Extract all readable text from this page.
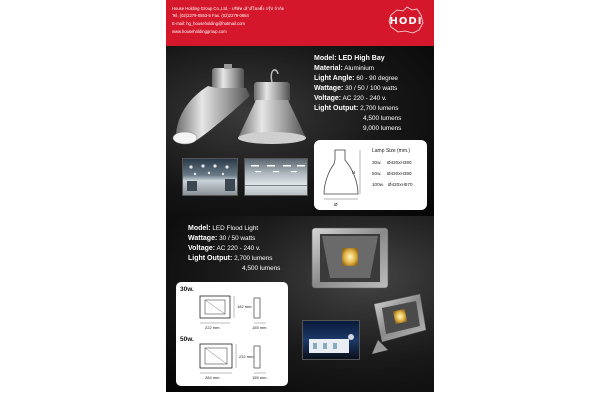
House Holding Group Co.,Ltd. - บริษัท เฮ้าส์โฮลดิ้ง กรุ๊ป จำกัด
Tel. (02)2279-0553-5 Fax. (02)2279-0654
E-mail: hg_householding@hotmail.com
www.householdinggroup.com
HODI
Model: LED High Bay
Material: Aluminium
Light Angle: 60 - 90 degree
Wattage: 30 / 50 / 100 watts
Voltage: AC 220 - 240 v.
Light Output: 2,700 lumens
4,500 lumens
9,000 lumens
H
Ø
Lamp Size (mm.)
30w. Ø420xH390
50w. Ø420xH390
100w. Ø420xH570
Model: LED Flood Light
Wattage: 30 / 50 watts
Voltage: AC 220 - 240 v.
Light Output: 2,700 lumens
4,500 lumens
30w.
222 mm.
182 mm.
155 mm.
50w.
284 mm.
232 mm.
155 mm.
